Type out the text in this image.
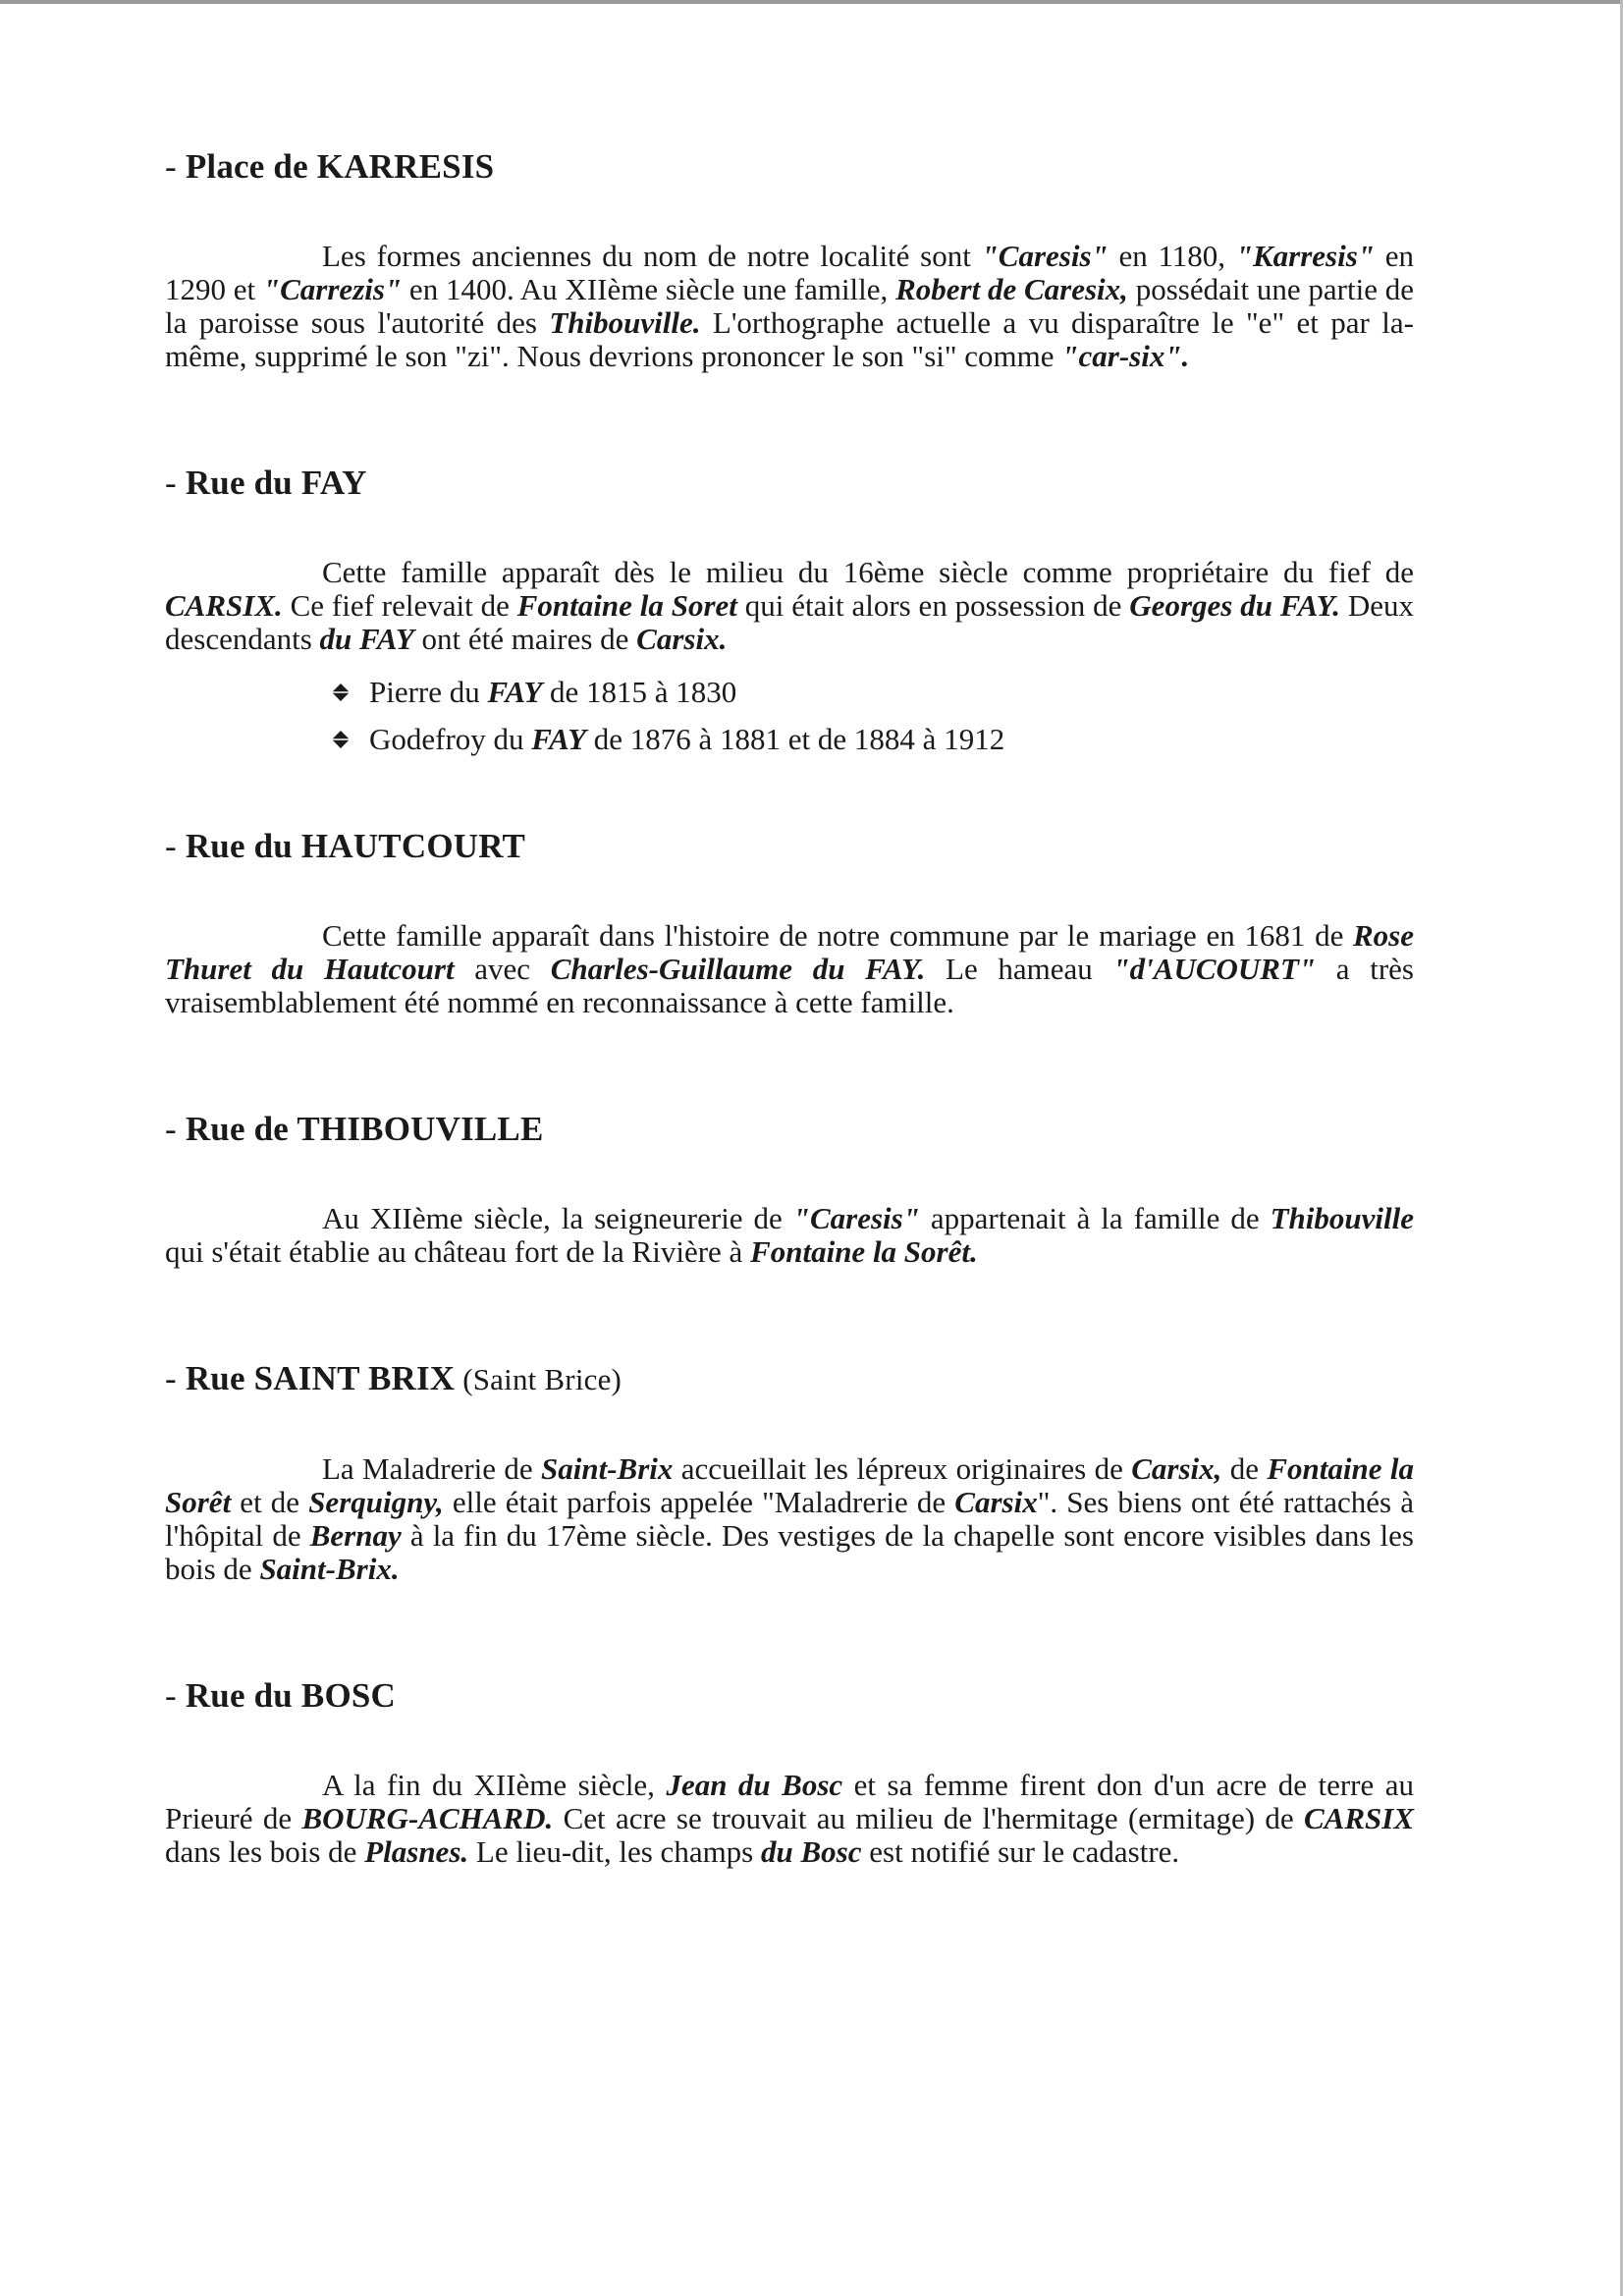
- Place de KARRESIS

Les formes anciennes du nom de notre localité sont "Caresis" en 1180, "Karresis" en 1290 et "Carrezis" en 1400. Au XIIème siècle une famille, Robert de Caresix, possédait une partie de la paroisse sous l'autorité des Thibouville. L'orthographe actuelle a vu disparaître le "e" et par la-même, supprimé le son "zi". Nous devrions prononcer le son "si" comme "car-six".

- Rue du FAY

Cette famille apparaît dès le milieu du 16ème siècle comme propriétaire du fief de CARSIX. Ce fief relevait de Fontaine la Soret qui était alors en possession de Georges du FAY. Deux descendants du FAY ont été maires de Carsix.

Pierre du FAY de 1815 à 1830
Godefroy du FAY de 1876 à 1881 et de 1884 à 1912
- Rue du HAUTCOURT

Cette famille apparaît dans l'histoire de notre commune par le mariage en 1681 de Rose Thuret du Hautcourt avec Charles-Guillaume du FAY. Le hameau "d'AUCOURT" a très vraisemblablement été nommé en reconnaissance à cette famille.

- Rue de THIBOUVILLE

Au XIIème siècle, la seigneurerie de "Caresis" appartenait à la famille de Thibouville qui s'était établie au château fort de la Rivière à Fontaine la Sorêt.

- Rue SAINT BRIX (Saint Brice)

La Maladrerie de Saint-Brix accueillait les lépreux originaires de Carsix, de Fontaine la Sorêt et de Serquigny, elle était parfois appelée "Maladrerie de Carsix". Ses biens ont été rattachés à l'hôpital de Bernay à la fin du 17ème siècle. Des vestiges de la chapelle sont encore visibles dans les bois de Saint-Brix.

- Rue du BOSC

A la fin du XIIème siècle, Jean du Bosc et sa femme firent don d'un acre de terre au Prieuré de BOURG-ACHARD. Cet acre se trouvait au milieu de l'hermitage (ermitage) de CARSIX dans les bois de Plasnes. Le lieu-dit, les champs du Bosc est notifié sur le cadastre.
